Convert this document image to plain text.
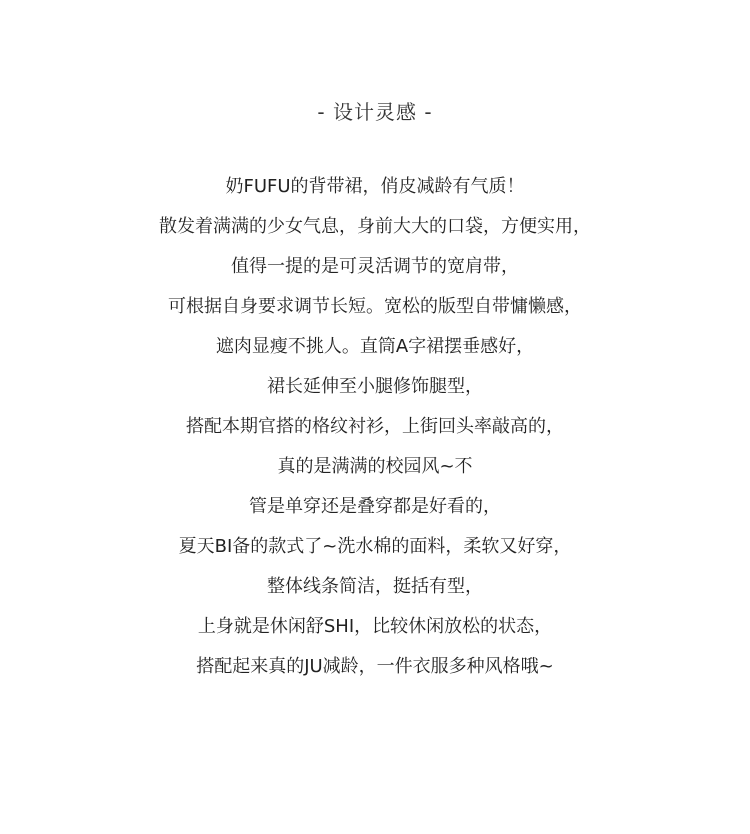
- 设计灵感 -
奶FUFU的背带裙，俏皮减龄有气质！
散发着满满的少女气息，身前大大的口袋，方便实用，
值得一提的是可灵活调节的宽肩带，
可根据自身要求调节长短。宽松的版型自带慵懒感，
遮肉显瘦不挑人。直筒A字裙摆垂感好，
裙长延伸至小腿修饰腿型，
搭配本期官搭的格纹衬衫，上街回头率敲高的，
真的是满满的校园风~不
管是单穿还是叠穿都是好看的，
夏天BI备的款式了~洗水棉的面料，柔软又好穿，
整体线条简洁，挺括有型，
上身就是休闲舒SHI，比较休闲放松的状态，
搭配起来真的JU减龄，一件衣服多种风格哦~
